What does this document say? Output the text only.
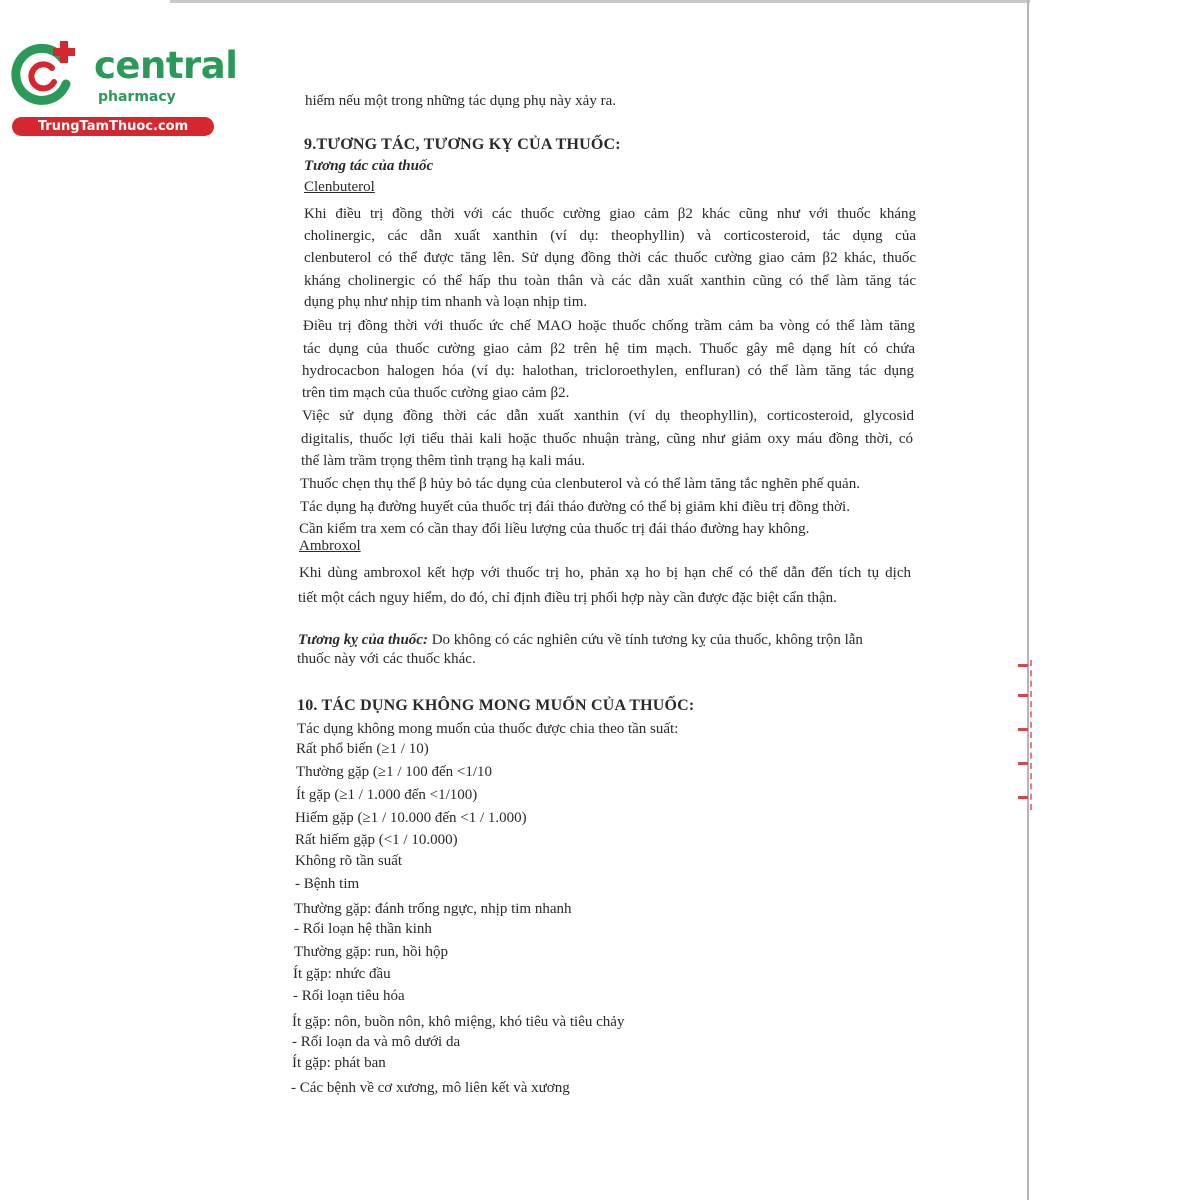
central
pharmacy
TrungTamThuoc.com
hiếm nếu một trong những tác dụng phụ này xảy ra.
9.TƯƠNG TÁC, TƯƠNG KỴ CỦA THUỐC:
Tương tác của thuốc
Clenbuterol
Khi điều trị đồng thời với các thuốc cường giao cảm β2 khác cũng như với thuốc kháng
cholinergic, các dẫn xuất xanthin (ví dụ: theophyllin) và corticosteroid, tác dụng của
clenbuterol có thể được tăng lên. Sử dụng đồng thời các thuốc cường giao cảm β2 khác, thuốc
kháng cholinergic có thể hấp thu toàn thân và các dẫn xuất xanthin cũng có thể làm tăng tác
dụng phụ như nhịp tim nhanh và loạn nhịp tim.
Điều trị đồng thời với thuốc ức chế MAO hoặc thuốc chống trầm cảm ba vòng có thể làm tăng
tác dụng của thuốc cường giao cảm β2 trên hệ tim mạch. Thuốc gây mê dạng hít có chứa
hydrocacbon halogen hóa (ví dụ: halothan, tricloroethylen, enfluran) có thể làm tăng tác dụng
trên tim mạch của thuốc cường giao cảm β2.
Việc sử dụng đồng thời các dẫn xuất xanthin (ví dụ theophyllin), corticosteroid, glycosid
digitalis, thuốc lợi tiểu thải kali hoặc thuốc nhuận tràng, cũng như giảm oxy máu đồng thời, có
thể làm trầm trọng thêm tình trạng hạ kali máu.
Thuốc chẹn thụ thể β hủy bỏ tác dụng của clenbuterol và có thể làm tăng tắc nghẽn phế quản.
Tác dụng hạ đường huyết của thuốc trị đái tháo đường có thể bị giảm khi điều trị đồng thời.
Cần kiểm tra xem có cần thay đổi liều lượng của thuốc trị đái tháo đường hay không.
Ambroxol
Khi dùng ambroxol kết hợp với thuốc trị ho, phản xạ ho bị hạn chế có thể dẫn đến tích tụ dịch
tiết một cách nguy hiểm, do đó, chỉ định điều trị phối hợp này cần được đặc biệt cẩn thận.
Tương kỵ của thuốc: Do không có các nghiên cứu về tính tương kỵ của thuốc, không trộn lẫn
thuốc này với các thuốc khác.
10. TÁC DỤNG KHÔNG MONG MUỐN CỦA THUỐC:
Tác dụng không mong muốn của thuốc được chia theo tần suất:
Rất phổ biến (≥1 / 10)
Thường gặp (≥1 / 100 đến <1/10
Ít gặp (≥1 / 1.000 đến <1/100)
Hiếm gặp (≥1 / 10.000 đến <1 / 1.000)
Rất hiếm gặp (<1 / 10.000)
Không rõ tần suất
- Bệnh tim
Thường gặp: đánh trống ngực, nhịp tim nhanh
- Rối loạn hệ thần kinh
Thường gặp: run, hồi hộp
Ít gặp: nhức đầu
- Rối loạn tiêu hóa
Ít gặp: nôn, buồn nôn, khô miệng, khó tiêu và tiêu chảy
- Rối loạn da và mô dưới da
Ít gặp: phát ban
- Các bệnh về cơ xương, mô liên kết và xương
